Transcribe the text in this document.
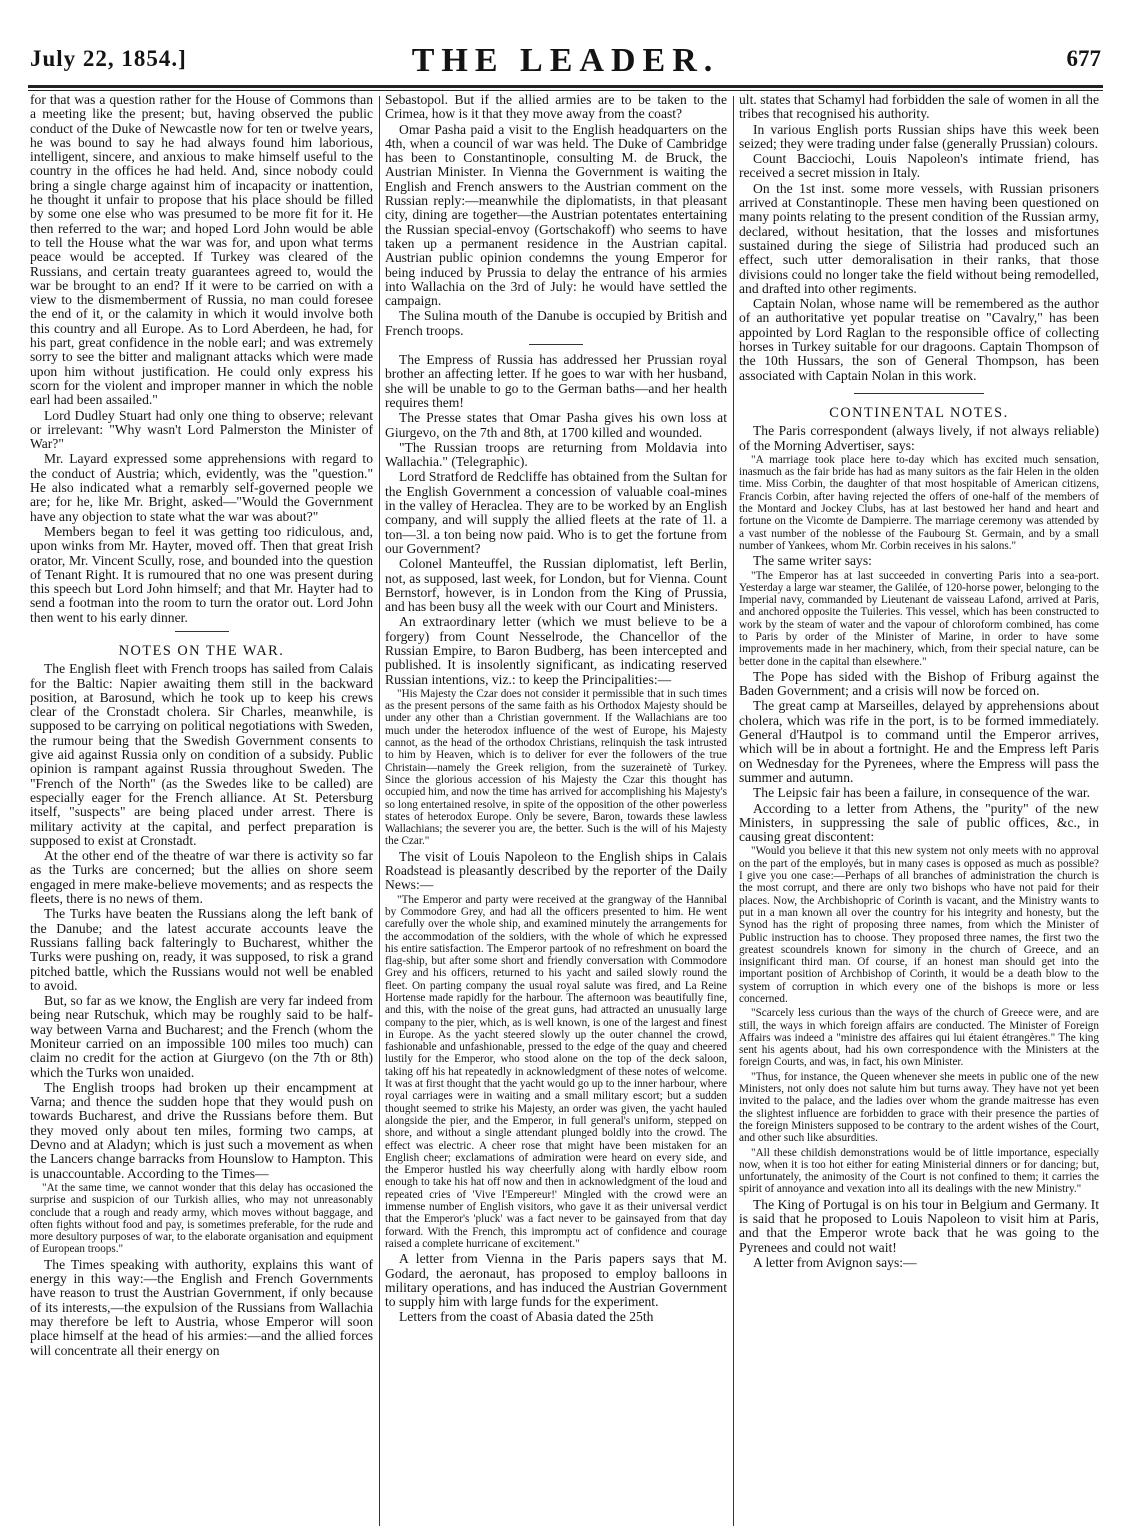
July 22, 1854.]	THE LEADER.	677

for that was a question rather for the House of Commons than a meeting like the present; but, having observed the public conduct of the Duke of Newcastle now for ten or twelve years, he was bound to say he had always found him laborious, intelligent, sincere, and anxious to make himself useful to the country in the offices he had held. And, since nobody could bring a single charge against him of incapacity or inattention, he thought it unfair to propose that his place should be filled by some one else who was presumed to be more fit for it. He then referred to the war; and hoped Lord John would be able to tell the House what the war was for, and upon what terms peace would be accepted. If Turkey was cleared of the Russians, and certain treaty guarantees agreed to, would the war be brought to an end? If it were to be carried on with a view to the dismemberment of Russia, no man could foresee the end of it, or the calamity in which it would involve both this country and all Europe. As to Lord Aberdeen, he had, for his part, great confidence in the noble earl; and was extremely sorry to see the bitter and malignant attacks which were made upon him without justification. He could only express his scorn for the violent and improper manner in which the noble earl had been assailed."

Lord Dudley Stuart had only one thing to observe; relevant or irrelevant: "Why wasn't Lord Palmerston the Minister of War?"

Mr. Layard expressed some apprehensions with regard to the conduct of Austria; which, evidently, was the "question." He also indicated what a remarbly self-governed people we are; for he, like Mr. Bright, asked—"Would the Government have any objection to state what the war was about?"

Members began to feel it was getting too ridiculous, and, upon winks from Mr. Hayter, moved off. Then that great Irish orator, Mr. Vincent Scully, rose, and bounded into the question of Tenant Right. It is rumoured that no one was present during this speech but Lord John himself; and that Mr. Hayter had to send a footman into the room to turn the orator out. Lord John then went to his early dinner.

NOTES ON THE WAR.

The English fleet with French troops has sailed from Calais for the Baltic: Napier awaiting them still in the backward position, at Barosund, which he took up to keep his crews clear of the Cronstadt cholera. Sir Charles, meanwhile, is supposed to be carrying on political negotiations with Sweden, the rumour being that the Swedish Government consents to give aid against Russia only on condition of a subsidy. Public opinion is rampant against Russia throughout Sweden. The "French of the North" (as the Swedes like to be called) are especially eager for the French alliance. At St. Petersburg itself, "suspects" are being placed under arrest. There is military activity at the capital, and perfect preparation is supposed to exist at Cronstadt.

At the other end of the theatre of war there is activity so far as the Turks are concerned; but the allies on shore seem engaged in mere make-believe movements; and as respects the fleets, there is no news of them.

The Turks have beaten the Russians along the left bank of the Danube; and the latest accurate accounts leave the Russians falling back falteringly to Bucharest, whither the Turks were pushing on, ready, it was supposed, to risk a grand pitched battle, which the Russians would not well be enabled to avoid.

But, so far as we know, the English are very far indeed from being near Rutschuk, which may be roughly said to be half-way between Varna and Bucharest; and the French (whom the Moniteur carried on an impossible 100 miles too much) can claim no credit for the action at Giurgevo (on the 7th or 8th) which the Turks won unaided.

The English troops had broken up their encampment at Varna; and thence the sudden hope that they would push on towards Bucharest, and drive the Russians before them. But they moved only about ten miles, forming two camps, at Devno and at Aladyn; which is just such a movement as when the Lancers change barracks from Hounslow to Hampton. This is unaccountable. According to the Times—

"At the same time, we cannot wonder that this delay has occasioned the surprise and suspicion of our Turkish allies, who may not unreasonably conclude that a rough and ready army, which moves without baggage, and often fights without food and pay, is sometimes preferable, for the rude and more desultory purposes of war, to the elaborate organisation and equipment of European troops."

The Times speaking with authority, explains this want of energy in this way:—the English and French Governments have reason to trust the Austrian Government, if only because of its interests,—the expulsion of the Russians from Wallachia may therefore be left to Austria, whose Emperor will soon place himself at the head of his armies:—and the allied forces will concentrate all their energy on

Sebastopol. But if the allied armies are to be taken to the Crimea, how is it that they move away from the coast?

Omar Pasha paid a visit to the English headquarters on the 4th, when a council of war was held. The Duke of Cambridge has been to Constantinople, consulting M. de Bruck, the Austrian Minister. In Vienna the Government is waiting the English and French answers to the Austrian comment on the Russian reply:—meanwhile the diplomatists, in that pleasant city, dining are together—the Austrian potentates entertaining the Russian special-envoy (Gortschakoff) who seems to have taken up a permanent residence in the Austrian capital. Austrian public opinion condemns the young Emperor for being induced by Prussia to delay the entrance of his armies into Wallachia on the 3rd of July: he would have settled the campaign.

The Sulina mouth of the Danube is occupied by British and French troops.

The Empress of Russia has addressed her Prussian royal brother an affecting letter. If he goes to war with her husband, she will be unable to go to the German baths—and her health requires them!

The Presse states that Omar Pasha gives his own loss at Giurgevo, on the 7th and 8th, at 1700 killed and wounded.

"The Russian troops are returning from Moldavia into Wallachia." (Telegraphic).

Lord Stratford de Redcliffe has obtained from the Sultan for the English Government a concession of valuable coal-mines in the valley of Heraclea. They are to be worked by an English company, and will supply the allied fleets at the rate of 1l. a ton—3l. a ton being now paid. Who is to get the fortune from our Government?

Colonel Manteuffel, the Russian diplomatist, left Berlin, not, as supposed, last week, for London, but for Vienna. Count Bernstorf, however, is in London from the King of Prussia, and has been busy all the week with our Court and Ministers.

An extraordinary letter (which we must believe to be a forgery) from Count Nesselrode, the Chancellor of the Russian Empire, to Baron Budberg, has been intercepted and published. It is insolently significant, as indicating reserved Russian intentions, viz.: to keep the Principalities:—

"His Majesty the Czar does not consider it permissible that in such times as the present persons of the same faith as his Orthodox Majesty should be under any other than a Christian government. If the Wallachians are too much under the heterodox influence of the west of Europe, his Majesty cannot, as the head of the orthodox Christians, relinquish the task intrusted to him by Heaven, which is to deliver for ever the followers of the true Christain—namely the Greek religion, from the suzerainetè of Turkey. Since the glorious accession of his Majesty the Czar this thought has occupied him, and now the time has arrived for accomplishing his Majesty's so long entertained resolve, in spite of the opposition of the other powerless states of heterodox Europe. Only be severe, Baron, towards these lawless Wallachians; the severer you are, the better. Such is the will of his Majesty the Czar."

The visit of Louis Napoleon to the English ships in Calais Roadstead is pleasantly described by the reporter of the Daily News:—

"The Emperor and party were received at the grangway of the Hannibal by Commodore Grey, and had all the officers presented to him. He went carefully over the whole ship, and examined minutely the arrangements for the accommodation of the soldiers, with the whole of which he expressed his entire satisfaction. The Emperor partook of no refreshment on board the flag-ship, but after some short and friendly conversation with Commodore Grey and his officers, returned to his yacht and sailed slowly round the fleet. On parting company the usual royal salute was fired, and La Reine Hortense made rapidly for the harbour. The afternoon was beautifully fine, and this, with the noise of the great guns, had attracted an unusually large company to the pier, which, as is well known, is one of the largest and finest in Europe. As the yacht steered slowly up the outer channel the crowd, fashionable and unfashionable, pressed to the edge of the quay and cheered lustily for the Emperor, who stood alone on the top of the deck saloon, taking off his hat repeatedly in acknowledgment of these notes of welcome. It was at first thought that the yacht would go up to the inner harbour, where royal carriages were in waiting and a small military escort; but a sudden thought seemed to strike his Majesty, an order was given, the yacht hauled alongside the pier, and the Emperor, in full general's uniform, stepped on shore, and without a single attendant plunged boldly into the crowd. The effect was electric. A cheer rose that might have been mistaken for an English cheer; exclamations of admiration were heard on every side, and the Emperor hustled his way cheerfully along with hardly elbow room enough to take his hat off now and then in acknowledgment of the loud and repeated cries of 'Vive l'Empereur!' Mingled with the crowd were an immense number of English visitors, who gave it as their universal verdict that the Emperor's 'pluck' was a fact never to be gainsayed from that day forward. With the French, this impromptu act of confidence and courage raised a complete hurricane of excitement."

A letter from Vienna in the Paris papers says that M. Godard, the aeronaut, has proposed to employ balloons in military operations, and has induced the Austrian Government to supply him with large funds for the experiment.

Letters from the coast of Abasia dated the 25th

ult. states that Schamyl had forbidden the sale of women in all the tribes that recognised his authority.

In various English ports Russian ships have this week been seized; they were trading under false (generally Prussian) colours.

Count Bacciochi, Louis Napoleon's intimate friend, has received a secret mission in Italy.

On the 1st inst. some more vessels, with Russian prisoners arrived at Constantinople. These men having been questioned on many points relating to the present condition of the Russian army, declared, without hesitation, that the losses and misfortunes sustained during the siege of Silistria had produced such an effect, such utter demoralisation in their ranks, that those divisions could no longer take the field without being remodelled, and drafted into other regiments.

Captain Nolan, whose name will be remembered as the author of an authoritative yet popular treatise on "Cavalry," has been appointed by Lord Raglan to the responsible office of collecting horses in Turkey suitable for our dragoons. Captain Thompson of the 10th Hussars, the son of General Thompson, has been associated with Captain Nolan in this work.

CONTINENTAL NOTES.

The Paris correspondent (always lively, if not always reliable) of the Morning Advertiser, says:

"A marriage took place here to-day which has excited much sensation, inasmuch as the fair bride has had as many suitors as the fair Helen in the olden time. Miss Corbin, the daughter of that most hospitable of American citizens, Francis Corbin, after having rejected the offers of one-half of the members of the Montard and Jockey Clubs, has at last bestowed her hand and heart and fortune on the Vicomte de Dampierre. The marriage ceremony was attended by a vast number of the noblesse of the Faubourg St. Germain, and by a small number of Yankees, whom Mr. Corbin receives in his salons."

The same writer says:

"The Emperor has at last succeeded in converting Paris into a sea-port. Yesterday a large war steamer, the Galilée, of 120-horse power, belonging to the Imperial navy, commanded by Lieutenant de vaisseau Lafond, arrived at Paris, and anchored opposite the Tuileries. This vessel, which has been constructed to work by the steam of water and the vapour of chloroform combined, has come to Paris by order of the Minister of Marine, in order to have some improvements made in her machinery, which, from their special nature, can be better done in the capital than elsewhere."

The Pope has sided with the Bishop of Friburg against the Baden Government; and a crisis will now be forced on.

The great camp at Marseilles, delayed by apprehensions about cholera, which was rife in the port, is to be formed immediately. General d'Hautpol is to command until the Emperor arrives, which will be in about a fortnight. He and the Empress left Paris on Wednesday for the Pyrenees, where the Empress will pass the summer and autumn.

The Leipsic fair has been a failure, in consequence of the war.

According to a letter from Athens, the "purity" of the new Ministers, in suppressing the sale of public offices, &c., in causing great discontent:

"Would you believe it that this new system not only meets with no approval on the part of the employés, but in many cases is opposed as much as possible? I give you one case:—Perhaps of all branches of administration the church is the most corrupt, and there are only two bishops who have not paid for their places. Now, the Archbishopric of Corinth is vacant, and the Ministry wants to put in a man known all over the country for his integrity and honesty, but the Synod has the right of proposing three names, from which the Minister of Public instruction has to choose. They proposed three names, the first two the greatest scoundrels known for simony in the church of Greece, and an insignificant third man. Of course, if an honest man should get into the important position of Archbishop of Corinth, it would be a death blow to the system of corruption in which every one of the bishops is more or less concerned.

"Scarcely less curious than the ways of the church of Greece were, and are still, the ways in which foreign affairs are conducted. The Minister of Foreign Affairs was indeed a "ministre des affaires qui lui étaient étrangères." The king sent his agents about, had his own correspondence with the Ministers at the foreign Courts, and was, in fact, his own Minister.

"Thus, for instance, the Queen whenever she meets in public one of the new Ministers, not only does not salute him but turns away. They have not yet been invited to the palace, and the ladies over whom the grande maitresse has even the slightest influence are forbidden to grace with their presence the parties of the foreign Ministers supposed to be contrary to the ardent wishes of the Court, and other such like absurdities.

"All these childish demonstrations would be of little importance, especially now, when it is too hot either for eating Ministerial dinners or for dancing; but, unfortunately, the animosity of the Court is not confined to them; it carries the spirit of annoyance and vexation into all its dealings with the new Ministry."

The King of Portugal is on his tour in Belgium and Germany. It is said that he proposed to Louis Napoleon to visit him at Paris, and that the Emperor wrote back that he was going to the Pyrenees and could not wait!

A letter from Avignon says:—
